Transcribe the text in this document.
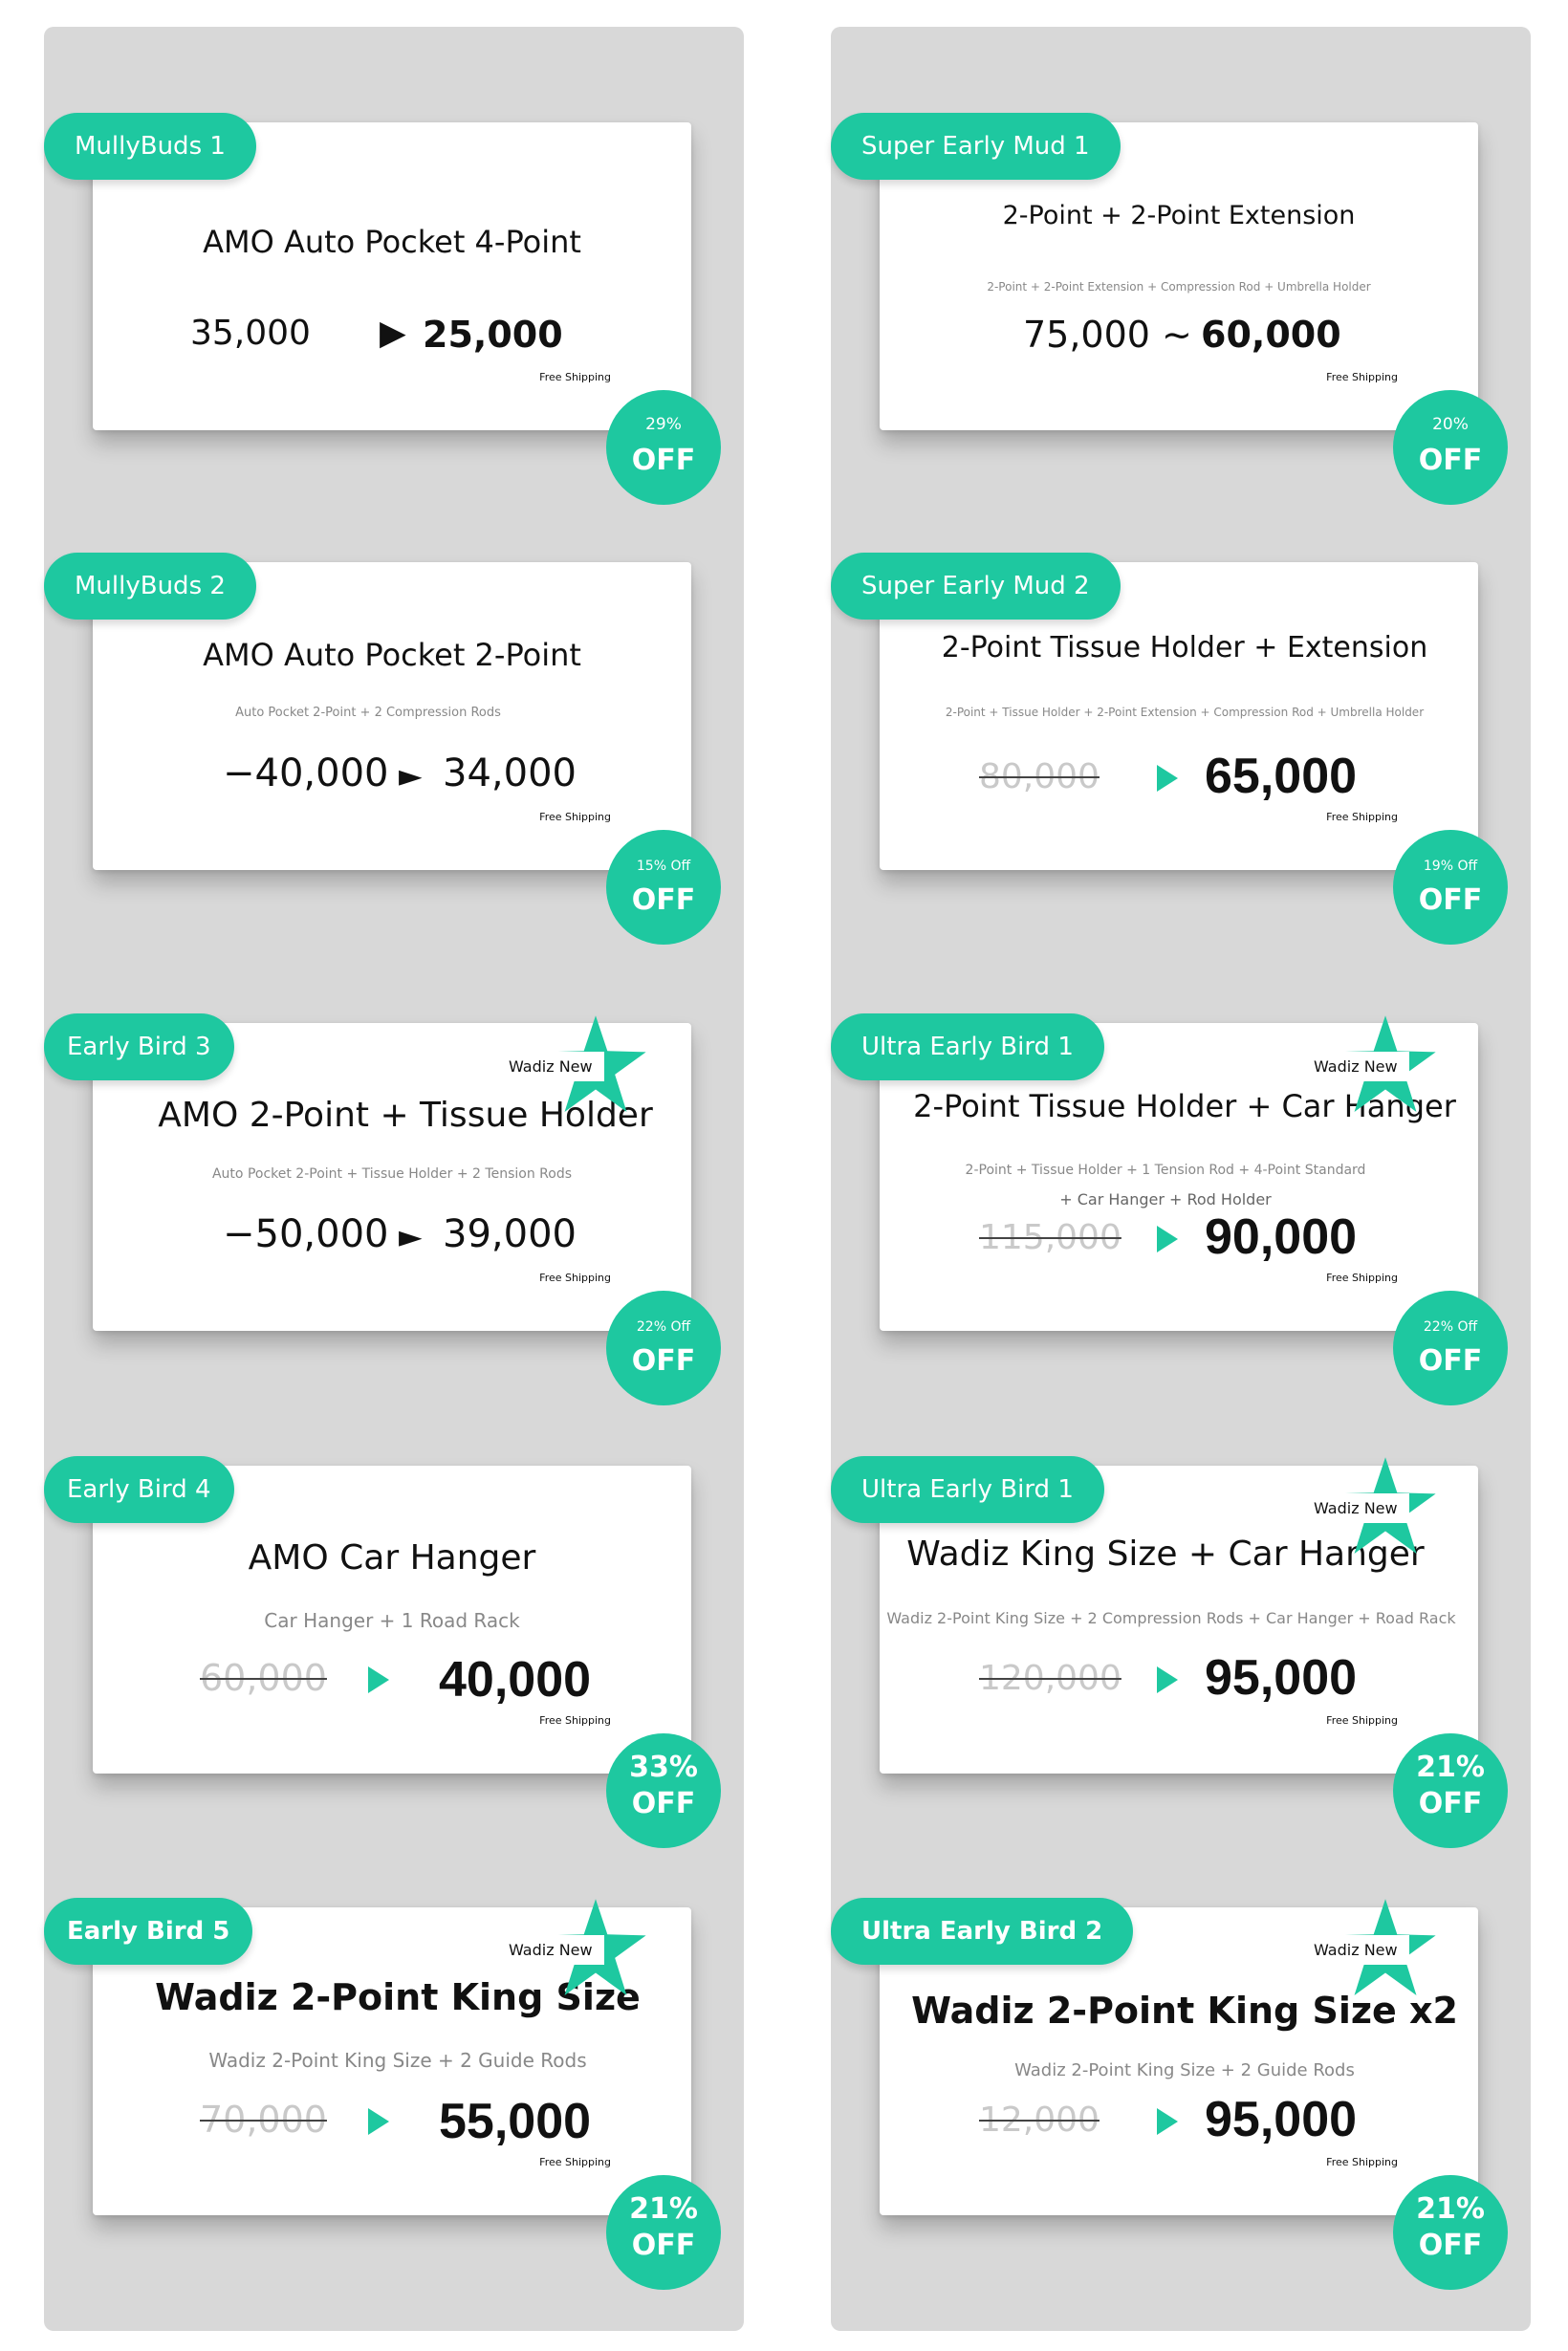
AMO Auto Pocket 4-Point
35,000 ▶ 25,000
Free Shipping
MullyBuds 1
29%
OFF
AMO Auto Pocket 2-Point
Auto Pocket 2-Point + 2 Compression Rods
−40,000 ► 34,000
Free Shipping
MullyBuds 2
15% Off
OFF
AMO 2-Point + Tissue Holder
Auto Pocket 2-Point + Tissue Holder + 2 Tension Rods
−50,000 ► 39,000
Free Shipping
Early Bird 3
22% Off
OFF
AMO Car Hanger
Car Hanger + 1 Road Rack
60,000 40,000
Free Shipping
Early Bird 4
33%
OFF
Wadiz 2-Point King Size
Wadiz 2-Point King Size + 2 Guide Rods
70,000 55,000
Free Shipping
Early Bird 5
21%
OFF
2-Point + 2-Point Extension
2-Point + 2-Point Extension + Compression Rod + Umbrella Holder
75,000 ~ 60,000
Free Shipping
Super Early Mud 1
20%
OFF
2-Point Tissue Holder + Extension
2-Point + Tissue Holder + 2-Point Extension + Compression Rod + Umbrella Holder
80,000 65,000
Free Shipping
Super Early Mud 2
19% Off
OFF
2-Point Tissue Holder + Car Hanger
2-Point + Tissue Holder + 1 Tension Rod + 4-Point Standard
+ Car Hanger + Rod Holder
115,000 90,000
Free Shipping
Ultra Early Bird 1
22% Off
OFF
Wadiz King Size + Car Hanger
Wadiz 2-Point King Size + 2 Compression Rods + Car Hanger + Road Rack
120,000 95,000
Free Shipping
Ultra Early Bird 1
21%
OFF
Wadiz 2-Point King Size x2
Wadiz 2-Point King Size + 2 Guide Rods
12,000 95,000
Free Shipping
Ultra Early Bird 2
21%
OFF
Wadiz New	Wadiz New
Wadiz New
Wadiz New	Wadiz New
